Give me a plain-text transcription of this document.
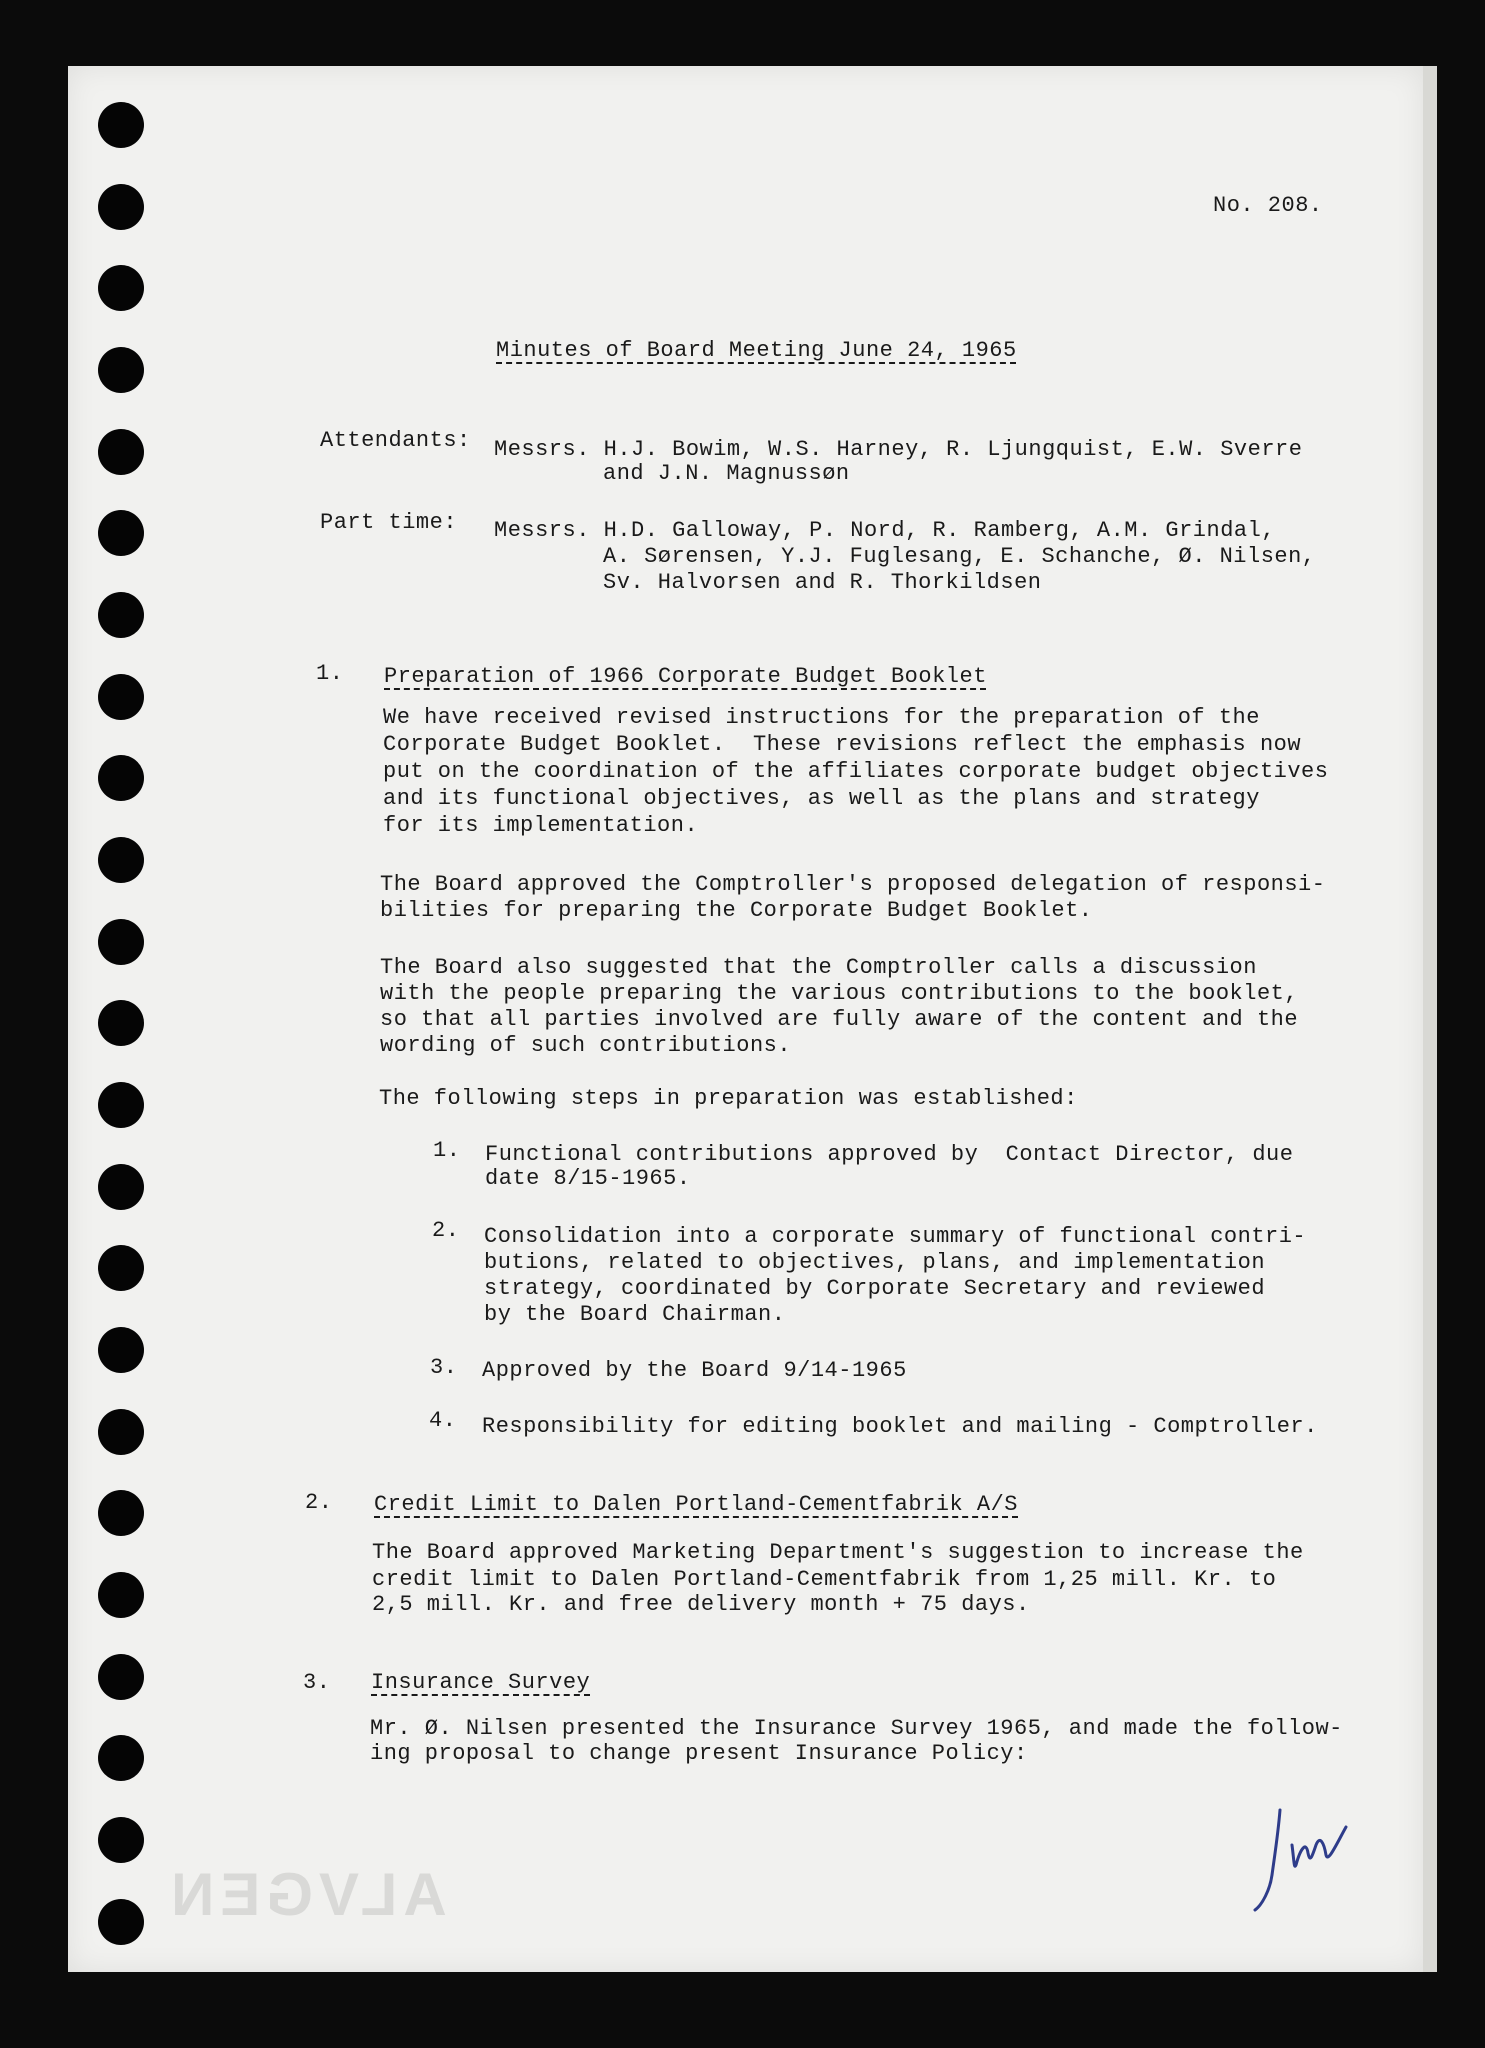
ALVGEN
No. 208.
Minutes of Board Meeting June 24, 1965
Attendants: Messrs. H.J. Bowim, W.S. Harney, R. Ljungquist, E.W. Sverre
and J.N. Magnussøn
Part time: Messrs. H.D. Galloway, P. Nord, R. Ramberg, A.M. Grindal,
A. Sørensen, Y.J. Fuglesang, E. Schanche, Ø. Nilsen,
Sv. Halvorsen and R. Thorkildsen
1. Preparation of 1966 Corporate Budget Booklet
We have received revised instructions for the preparation of the
Corporate Budget Booklet.  These revisions reflect the emphasis now
put on the coordination of the affiliates corporate budget objectives
and its functional objectives, as well as the plans and strategy
for its implementation.
The Board approved the Comptroller's proposed delegation of responsi-
bilities for preparing the Corporate Budget Booklet.
The Board also suggested that the Comptroller calls a discussion
with the people preparing the various contributions to the booklet,
so that all parties involved are fully aware of the content and the
wording of such contributions.
The following steps in preparation was established:
1. Functional contributions approved by  Contact Director, due
date 8/15-1965.
2. Consolidation into a corporate summary of functional contri-
butions, related to objectives, plans, and implementation
strategy, coordinated by Corporate Secretary and reviewed
by the Board Chairman.
3. Approved by the Board 9/14-1965
4. Responsibility for editing booklet and mailing - Comptroller.
2. Credit Limit to Dalen Portland-Cementfabrik A/S
The Board approved Marketing Department's suggestion to increase the
credit limit to Dalen Portland-Cementfabrik from 1,25 mill. Kr. to
2,5 mill. Kr. and free delivery month + 75 days.
3. Insurance Survey
Mr. Ø. Nilsen presented the Insurance Survey 1965, and made the follow-
ing proposal to change present Insurance Policy:
